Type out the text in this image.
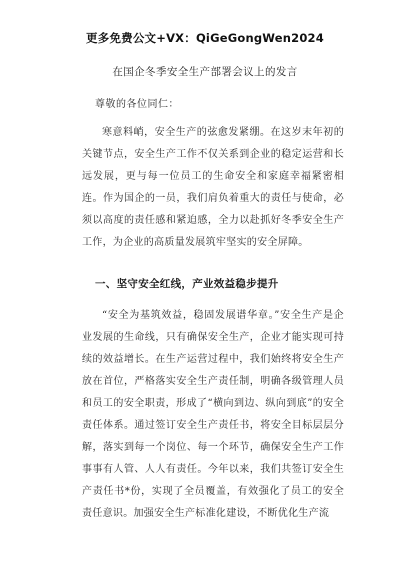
更多免费公文+VX：QiGeGongWen2024
在国企冬季安全生产部署会议上的发言
尊敬的各位同仁：

寒意料峭，安全生产的弦愈发紧绷。在这岁末年初的关键节点，安全生产工作不仅关系到企业的稳定运营和长远发展，更与每一位员工的生命安全和家庭幸福紧密相连。作为国企的一员，我们肩负着重大的责任与使命，必须以高度的责任感和紧迫感，全力以赴抓好冬季安全生产工作，为企业的高质量发展筑牢坚实的安全屏障。

一、坚守安全红线，产业效益稳步提升

“安全为基筑效益，稳固发展谱华章。”安全生产是企业发展的生命线，只有确保安全生产，企业才能实现可持续的效益增长。在生产运营过程中，我们始终将安全生产放在首位，严格落实安全生产责任制，明确各级管理人员和员工的安全职责，形成了“横向到边、纵向到底”的安全责任体系。通过签订安全生产责任书，将安全目标层层分解，落实到每一个岗位、每一个环节，确保安全生产工作事事有人管、人人有责任。今年以来，我们共签订安全生产责任书*份，实现了全员覆盖，有效强化了员工的安全责任意识。加强安全生产标准化建设，不断优化生产流
